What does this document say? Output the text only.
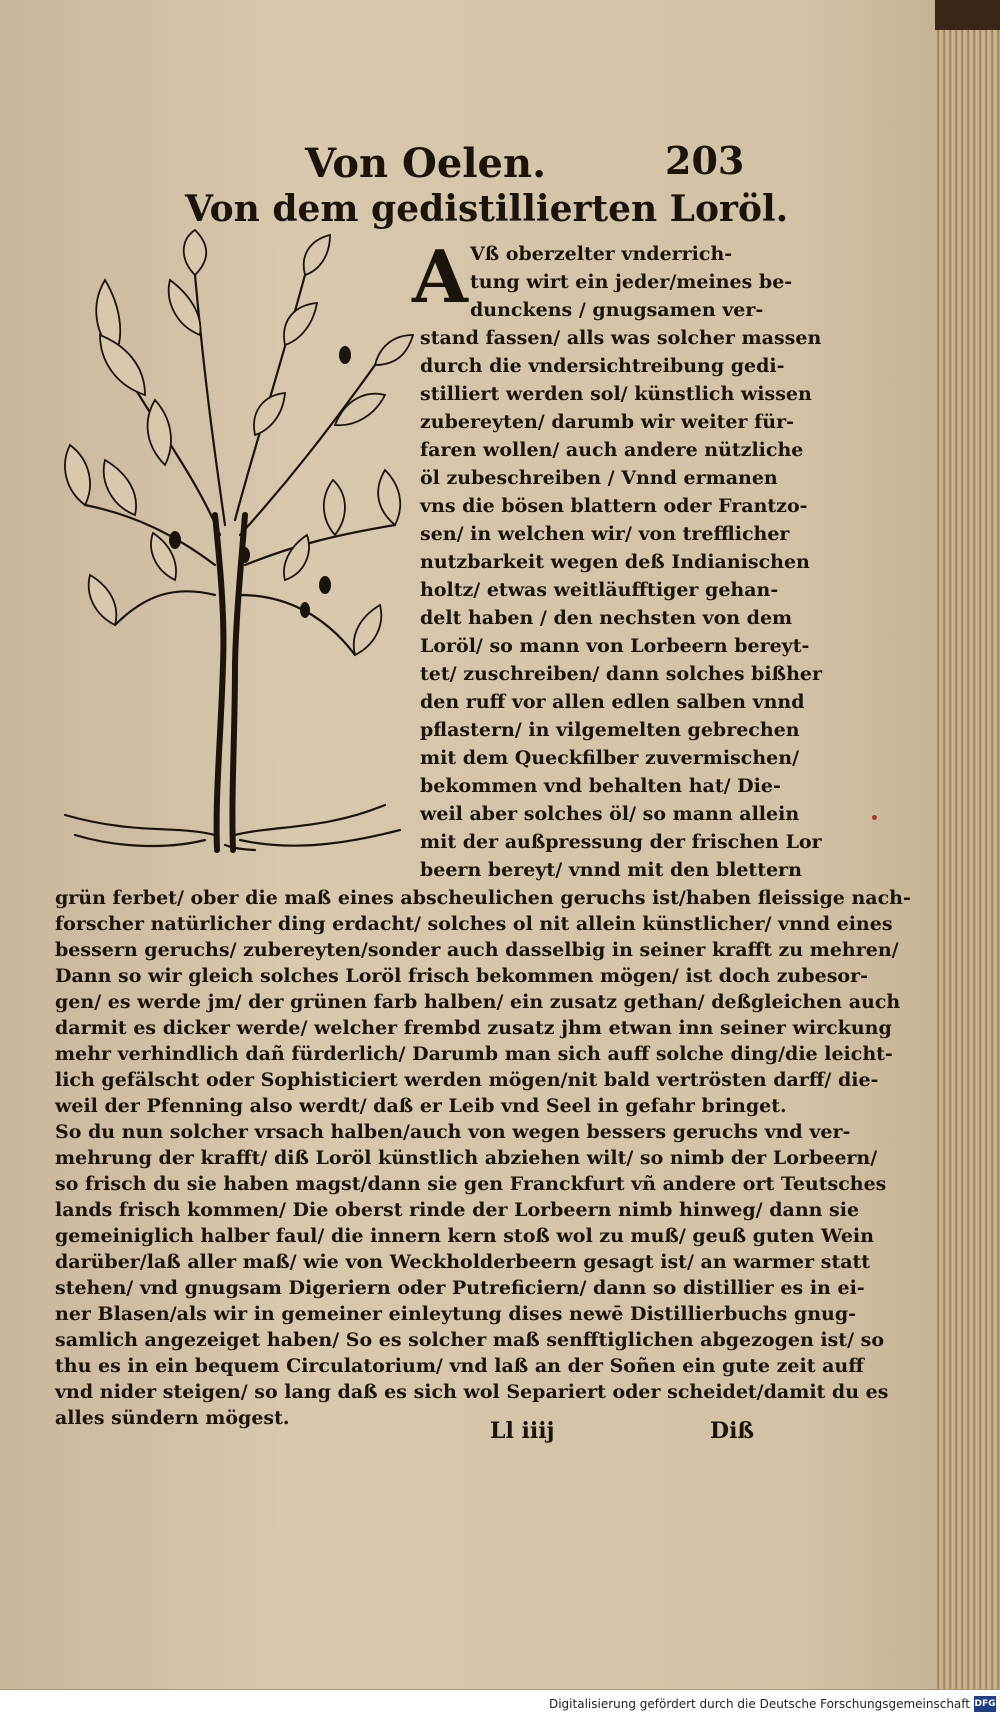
Von Oelen.	203
Von dem gedistillierten Loröl.
A Vß oberzelter vnderrich-
tung wirt ein jeder/meines be-
dunckens / gnugsamen ver-
stand fassen/ alls was solcher massen
durch die vndersichtreibung gedi-
stilliert werden sol/ künstlich wissen
zubereyten/ darumb wir weiter für-
faren wollen/ auch andere nützliche
öl zubeschreiben / Vnnd ermanen
vns die bösen blattern oder Frantzo-
sen/ in welchen wir/ von trefflicher
nutzbarkeit wegen deß Indianischen
holtz/ etwas weitläufftiger gehan-
delt haben / den nechsten von dem
Loröl/ so mann von Lorbeern bereyt-
tet/ zuschreiben/ dann solches bißher
den ruff vor allen edlen salben vnnd
pflastern/ in vilgemelten gebrechen
mit dem Queckfilber zuvermischen/
bekommen vnd behalten hat/ Die-
weil aber solches öl/ so mann allein
mit der außpressung der frischen Lor
beern bereyt/ vnnd mit den blettern
grün ferbet/ ober die maß eines abscheulichen geruchs ist/haben fleissige nach-
forscher natürlicher ding erdacht/ solches ol nit allein künstlicher/ vnnd eines
bessern geruchs/ zubereyten/sonder auch dasselbig in seiner krafft zu mehren/
Dann so wir gleich solches Loröl frisch bekommen mögen/ ist doch zubesor-
gen/ es werde jm/ der grünen farb halben/ ein zusatz gethan/ deßgleichen auch
darmit es dicker werde/ welcher frembd zusatz jhm etwan inn seiner wirckung
mehr verhindlich dañ fürderlich/ Darumb man sich auff solche ding/die leicht-
lich gefälscht oder Sophisticiert werden mögen/nit bald vertrösten darff/ die-
weil der Pfenning also werdt/ daß er Leib vnd Seel in gefahr bringet.
So du nun solcher vrsach halben/auch von wegen bessers geruchs vnd ver-
mehrung der krafft/ diß Loröl künstlich abziehen wilt/ so nimb der Lorbeern/
so frisch du sie haben magst/dann sie gen Franckfurt vñ andere ort Teutsches
lands frisch kommen/ Die oberst rinde der Lorbeern nimb hinweg/ dann sie
gemeiniglich halber faul/ die innern kern stoß wol zu muß/ geuß guten Wein
darüber/laß aller maß/ wie von Weckholderbeern gesagt ist/ an warmer statt
stehen/ vnd gnugsam Digeriern oder Putreficiern/ dann so distillier es in ei-
ner Blasen/als wir in gemeiner einleytung dises newē Distillierbuchs gnug-
samlich angezeiget haben/ So es solcher maß senfftiglichen abgezogen ist/ so
thu es in ein bequem Circulatorium/ vnd laß an der Soñen ein gute zeit auff
vnd nider steigen/ so lang daß es sich wol Separiert oder scheidet/damit du es
alles sündern mögest.	Ll iiij	Diß
Digitalisierung gefördert durch die Deutsche Forschungsgemeinschaft DFG
